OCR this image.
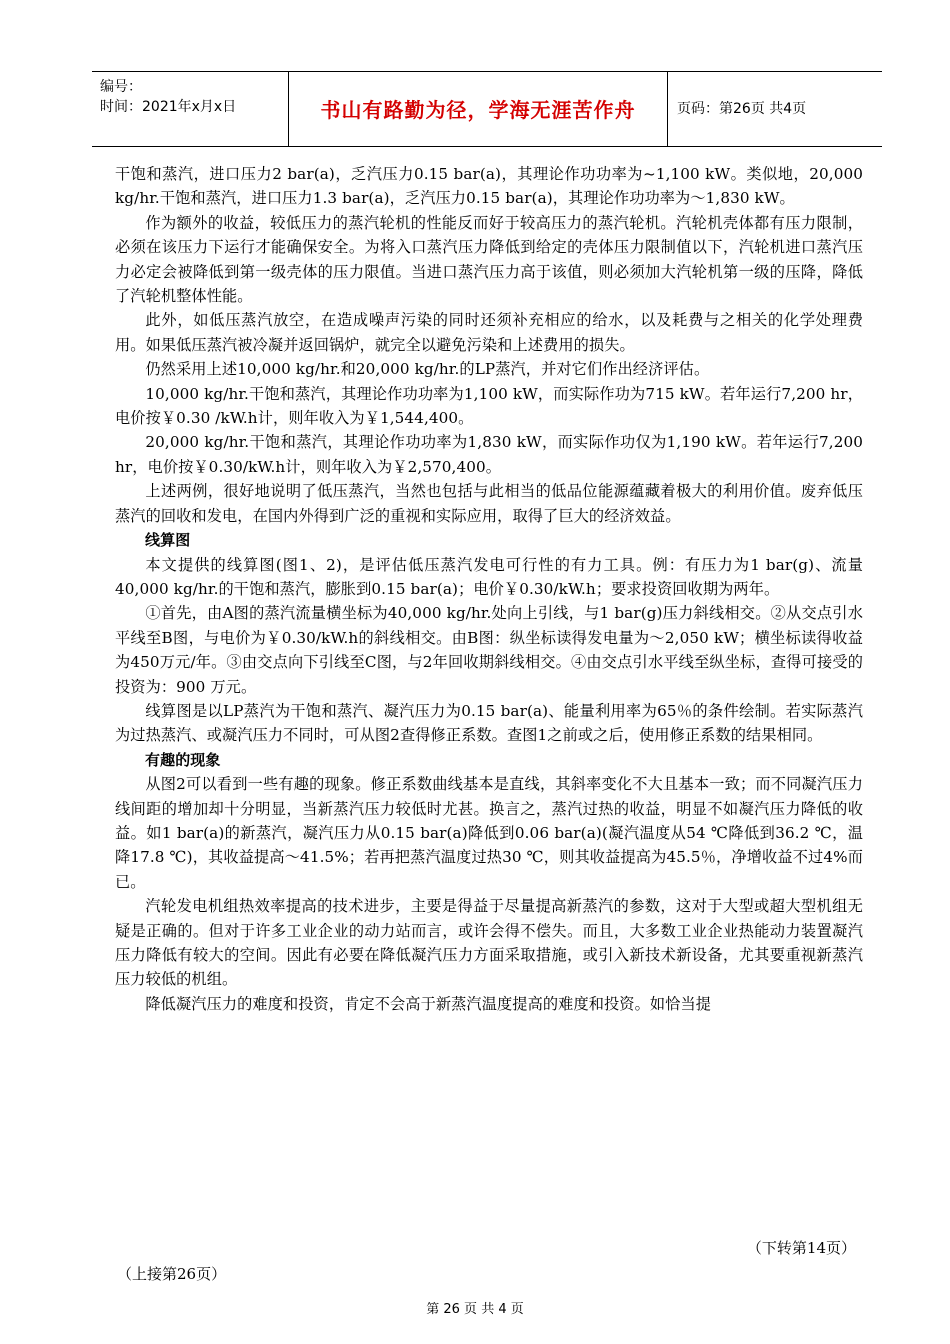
编号：
时间：2021年x月x日	书山有路勤为径，学海无涯苦作舟	页码：第26页 共4页

干饱和蒸汽，进口压力2 bar(a)，乏汽压力0.15 bar(a)，其理论作功功率为~1,100 kW。类似地，20,000 kg/hr.干饱和蒸汽，进口压力1.3 bar(a)，乏汽压力0.15 bar(a)，其理论作功功率为～1,830 kW。

作为额外的收益，较低压力的蒸汽轮机的性能反而好于较高压力的蒸汽轮机。汽轮机壳体都有压力限制，必须在该压力下运行才能确保安全。为将入口蒸汽压力降低到给定的壳体压力限制值以下，汽轮机进口蒸汽压力必定会被降低到第一级壳体的压力限值。当进口蒸汽压力高于该值，则必须加大汽轮机第一级的压降，降低了汽轮机整体性能。

此外，如低压蒸汽放空，在造成噪声污染的同时还须补充相应的给水，以及耗费与之相关的化学处理费用。如果低压蒸汽被冷凝并返回锅炉，就完全以避免污染和上述费用的损失。

仍然采用上述10,000 kg/hr.和20,000 kg/hr.的LP蒸汽，并对它们作出经济评估。

10,000 kg/hr.干饱和蒸汽，其理论作功功率为1,100 kW，而实际作功为715 kW。若年运行7,200 hr，电价按￥0.30 /kW.h计，则年收入为￥1,544,400。

20,000 kg/hr.干饱和蒸汽，其理论作功功率为1,830 kW，而实际作功仅为1,190 kW。若年运行7,200 hr，电价按￥0.30/kW.h计，则年收入为￥2,570,400。

上述两例，很好地说明了低压蒸汽，当然也包括与此相当的低品位能源蕴藏着极大的利用价值。废弃低压蒸汽的回收和发电，在国内外得到广泛的重视和实际应用，取得了巨大的经济效益。

线算图

本文提供的线算图(图1、2)，是评估低压蒸汽发电可行性的有力工具。例：有压力为1 bar(g)、流量40,000 kg/hr.的干饱和蒸汽，膨胀到0.15 bar(a)；电价￥0.30/kW.h；要求投资回收期为两年。

①首先，由A图的蒸汽流量横坐标为40,000 kg/hr.处向上引线，与1 bar(g)压力斜线相交。②从交点引水平线至B图，与电价为￥0.30/kW.h的斜线相交。由B图：纵坐标读得发电量为～2,050 kW；横坐标读得收益为450万元/年。③由交点向下引线至C图，与2年回收期斜线相交。④由交点引水平线至纵坐标，查得可接受的投资为：900 万元。

线算图是以LP蒸汽为干饱和蒸汽、凝汽压力为0.15 bar(a)、能量利用率为65％的条件绘制。若实际蒸汽为过热蒸汽、或凝汽压力不同时，可从图2查得修正系数。查图1之前或之后，使用修正系数的结果相同。

有趣的现象

从图2可以看到一些有趣的现象。修正系数曲线基本是直线，其斜率变化不大且基本一致；而不同凝汽压力线间距的增加却十分明显，当新蒸汽压力较低时尤甚。换言之，蒸汽过热的收益，明显不如凝汽压力降低的收益。如1 bar(a)的新蒸汽，凝汽压力从0.15 bar(a)降低到0.06 bar(a)(凝汽温度从54 ℃降低到36.2 ℃，温降17.8 ℃)，其收益提高～41.5%；若再把蒸汽温度过热30 ℃，则其收益提高为45.5％，净增收益不过4%而已。

汽轮发电机组热效率提高的技术进步，主要是得益于尽量提高新蒸汽的参数，这对于大型或超大型机组无疑是正确的。但对于许多工业企业的动力站而言，或许会得不偿失。而且，大多数工业企业热能动力装置凝汽压力降低有较大的空间。因此有必要在降低凝汽压力方面采取措施，或引入新技术新设备，尤其要重视新蒸汽压力较低的机组。

降低凝汽压力的难度和投资，肯定不会高于新蒸汽温度提高的难度和投资。如恰当提

（下转第14页）
（上接第26页）
第 26 页 共 4 页
